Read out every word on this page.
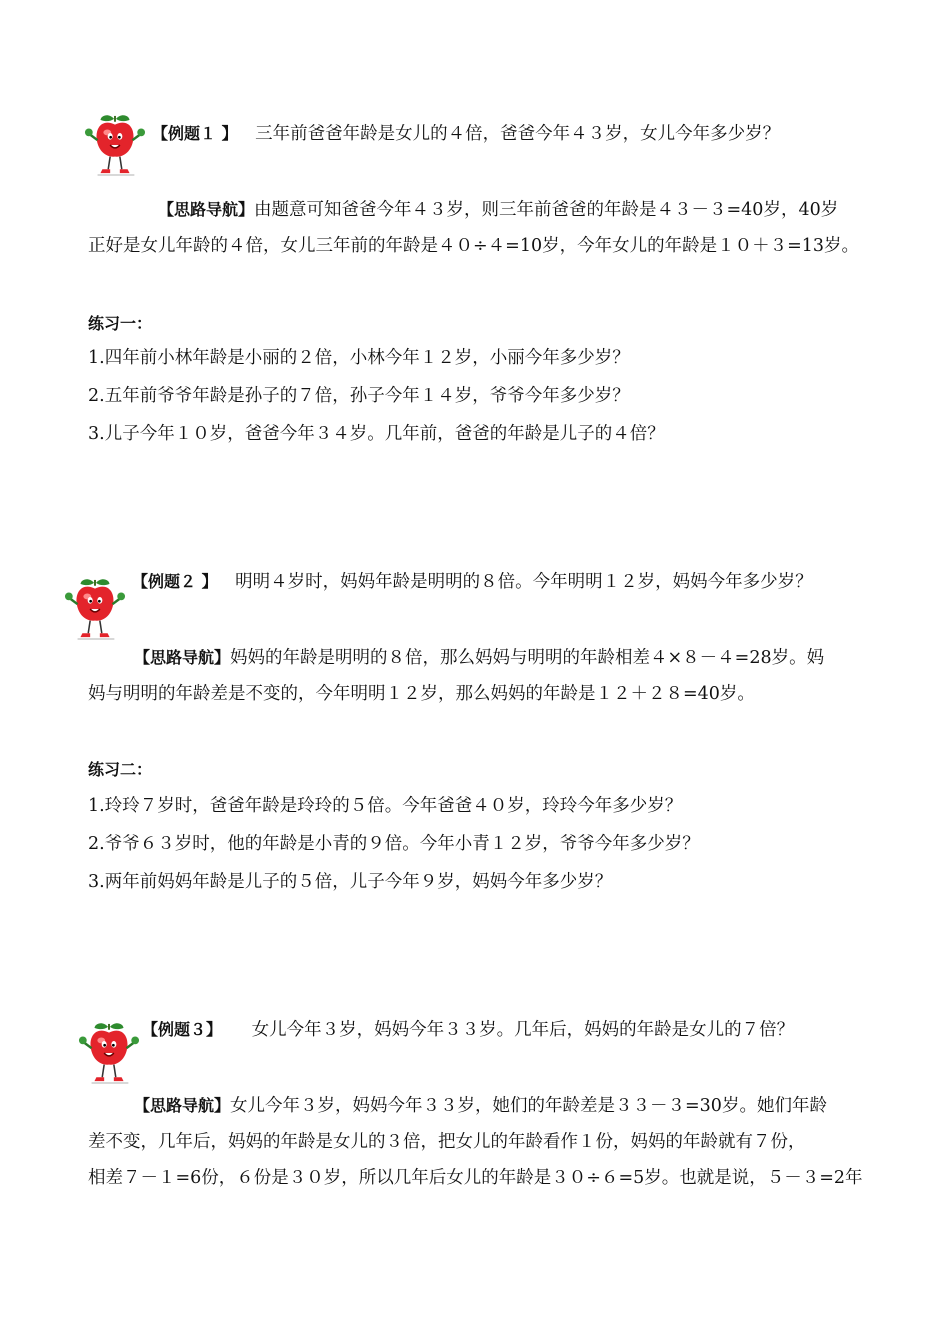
【例题１ 】 三年前爸爸年龄是女儿的４倍，爸爸今年４３岁，女儿今年多少岁？
【思路导航】由题意可知爸爸今年４３岁，则三年前爸爸的年龄是４３－３=40岁，40岁
正好是女儿年龄的４倍，女儿三年前的年龄是４０÷４=10岁，今年女儿的年龄是１０＋３=13岁。
练习一：
1.四年前小林年龄是小丽的２倍，小林今年１２岁，小丽今年多少岁？
2.五年前爷爷年龄是孙子的７倍，孙子今年１４岁，爷爷今年多少岁？
3.儿子今年１０岁，爸爸今年３４岁。几年前，爸爸的年龄是儿子的４倍？
【例题２ 】 明明４岁时，妈妈年龄是明明的８倍。今年明明１２岁，妈妈今年多少岁？
【思路导航】妈妈的年龄是明明的８倍，那么妈妈与明明的年龄相差４×８－４=28岁。妈
妈与明明的年龄差是不变的，今年明明１２岁，那么妈妈的年龄是１２＋２８=40岁。
练习二：
1.玲玲７岁时，爸爸年龄是玲玲的５倍。今年爸爸４０岁，玲玲今年多少岁？
2.爷爷６３岁时，他的年龄是小青的９倍。今年小青１２岁，爷爷今年多少岁？
3.两年前妈妈年龄是儿子的５倍，儿子今年９岁，妈妈今年多少岁？
【例题３】 女儿今年３岁，妈妈今年３３岁。几年后，妈妈的年龄是女儿的７倍？
【思路导航】女儿今年３岁，妈妈今年３３岁，她们的年龄差是３３－３=30岁。她们年龄
差不变，几年后，妈妈的年龄是女儿的３倍，把女儿的年龄看作１份，妈妈的年龄就有７份，
相差７－１=6份，６份是３０岁，所以几年后女儿的年龄是３０÷６=5岁。也就是说，５－３=2年
